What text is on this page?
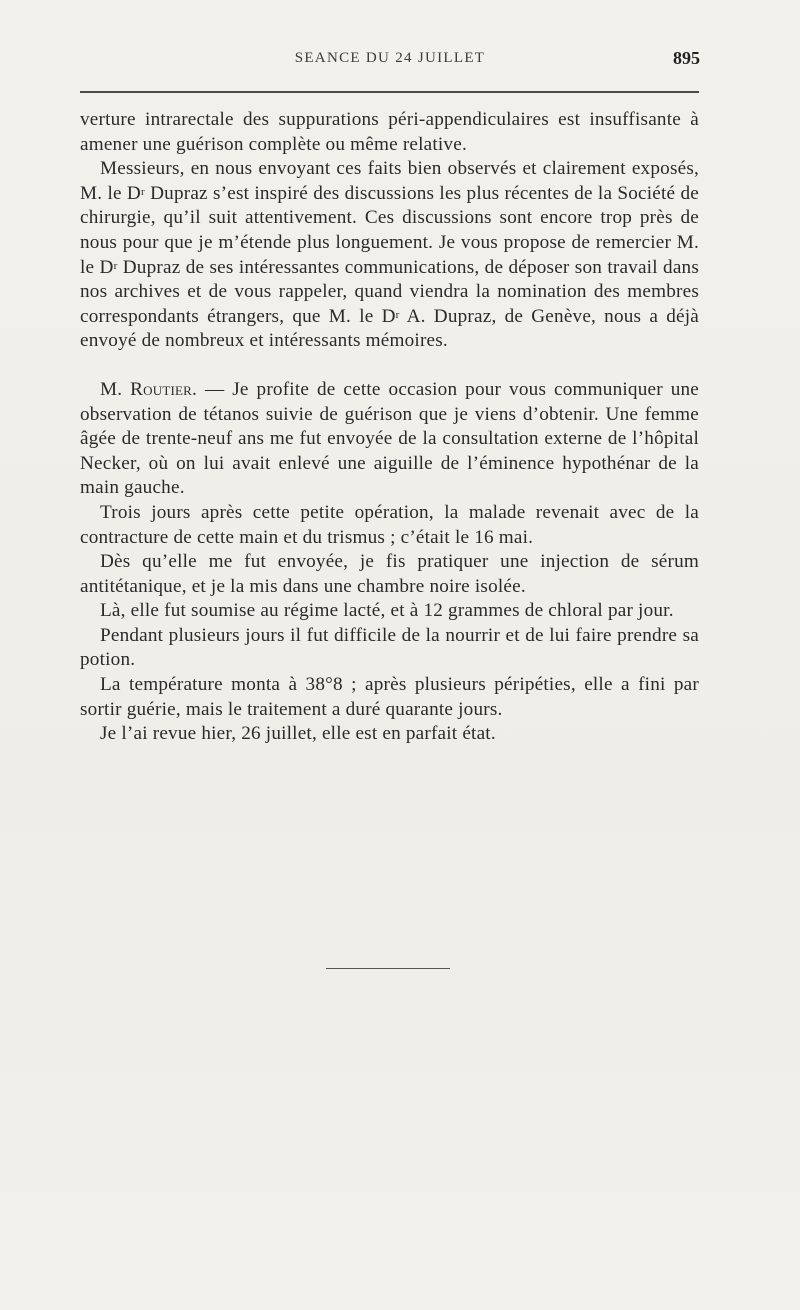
SEANCE DU 24 JUILLET	895

verture intrarectale des suppurations péri-appendiculaires est insuffisante à amener une guérison complète ou même relative.

Messieurs, en nous envoyant ces faits bien observés et clairement exposés, M. le $D^r$ Dupraz s’est inspiré des discussions les plus récentes de la Société de chirurgie, qu’il suit attentivement. Ces discussions sont encore trop près de nous pour que je m’étende plus longuement. Je vous propose de remercier M. le $D^r$ Dupraz de ses intéressantes communications, de déposer son travail dans nos archives et de vous rappeler, quand viendra la nomination des membres correspondants étrangers, que M. le $D^r$ A. Dupraz, de Genève, nous a déjà envoyé de nombreux et intéressants mémoires.

M. Routier. — Je profite de cette occasion pour vous communiquer une observation de tétanos suivie de guérison que je viens d’obtenir. Une femme âgée de trente-neuf ans me fut envoyée de la consultation externe de l’hôpital Necker, où on lui avait enlevé une aiguille de l’éminence hypothénar de la main gauche.

Trois jours après cette petite opération, la malade revenait avec de la contracture de cette main et du trismus ; c’était le 16 mai.

Dès qu’elle me fut envoyée, je fis pratiquer une injection de sérum antitétanique, et je la mis dans une chambre noire isolée.

Là, elle fut soumise au régime lacté, et à 12 grammes de chloral par jour.

Pendant plusieurs jours il fut difficile de la nourrir et de lui faire prendre sa potion.

La température monta à 38°8 ; après plusieurs péripéties, elle a fini par sortir guérie, mais le traitement a duré quarante jours.

Je l’ai revue hier, 26 juillet, elle est en parfait état.
